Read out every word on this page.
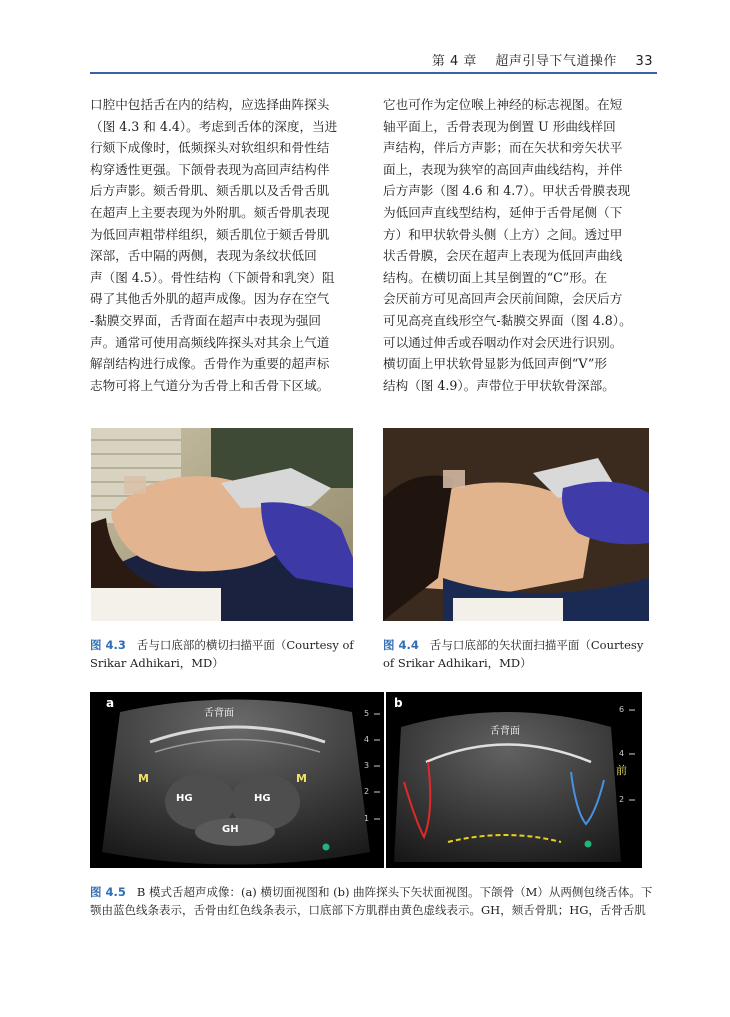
第 4 章 超声引导下气道操作 33
口腔中包括舌在内的结构，应选择曲阵探头
（图 4.3 和 4.4）。考虑到舌体的深度，当进
行颏下成像时，低频探头对软组织和骨性结
构穿透性更强。下颌骨表现为高回声结构伴
后方声影。颏舌骨肌、颏舌肌以及舌骨舌肌
在超声上主要表现为外附肌。颏舌骨肌表现
为低回声粗带样组织，颏舌肌位于颏舌骨肌
深部，舌中隔的两侧，表现为条纹状低回
声（图 4.5）。骨性结构（下颌骨和乳突）阻
碍了其他舌外肌的超声成像。因为存在空气
-黏膜交界面，舌背面在超声中表现为强回
声。通常可使用高频线阵探头对其余上气道
解剖结构进行成像。舌骨作为重要的超声标
志物可将上气道分为舌骨上和舌骨下区域。
它也可作为定位喉上神经的标志视图。在短
轴平面上，舌骨表现为倒置 U 形曲线样回
声结构，伴后方声影；而在矢状和旁矢状平
面上，表现为狭窄的高回声曲线结构，并伴
后方声影（图 4.6 和 4.7）。甲状舌骨膜表现
为低回声直线型结构，延伸于舌骨尾侧（下
方）和甲状软骨头侧（上方）之间。透过甲
状舌骨膜，会厌在超声上表现为低回声曲线
结构。在横切面上其呈倒置的“C”形。在
会厌前方可见高回声会厌前间隙，会厌后方
可见高亮直线形空气-黏膜交界面（图 4.8）。
可以通过伸舌或吞咽动作对会厌进行识别。
横切面上甲状软骨显影为低回声倒“V”形
结构（图 4.9）。声带位于甲状软骨深部。
图 4.3 舌与口底部的横切扫描平面（Courtesy of Srikar Adhikari，MD）
图 4.4 舌与口底部的矢状面扫描平面（Courtesy of Srikar Adhikari，MD）
a
舌背面
M	M
HG	HG
GH
5
4
3
2
1
b
舌背面
前
6
4
2
图 4.5 B 模式舌超声成像：(a) 横切面视图和 (b) 曲阵探头下矢状面视图。下颌骨（M）从两侧包绕舌体。下颚由蓝色线条表示，舌骨由红色线条表示，口底部下方肌群由黄色虚线表示。GH，颏舌骨肌；HG，舌骨舌肌
